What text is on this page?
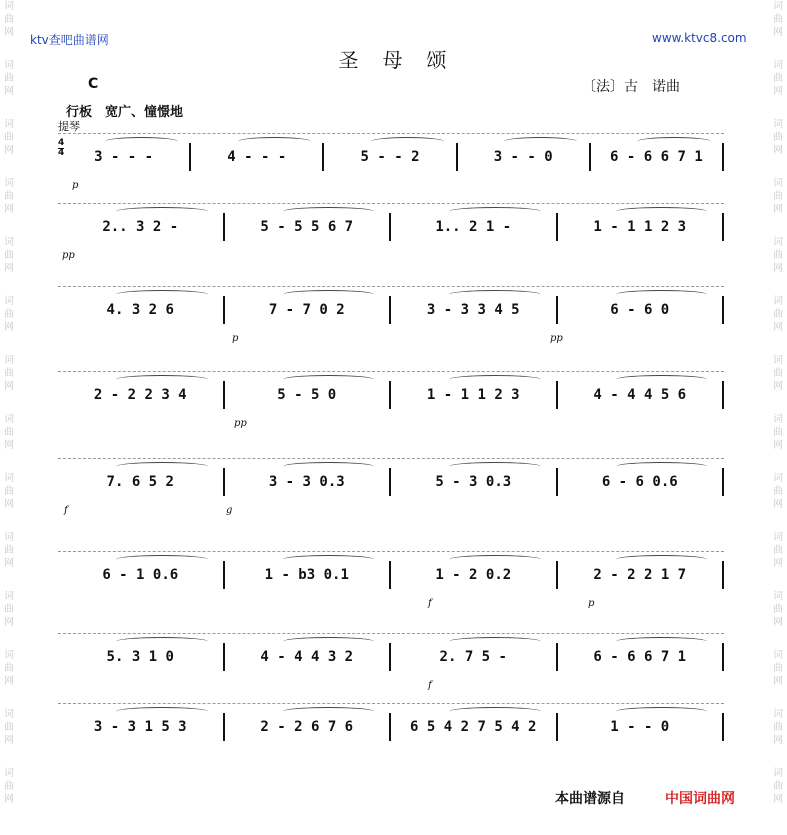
词
曲
网
词
曲
网
词
曲
网
词
曲
网
词
曲
网
词
曲
网
词
曲
网
词
曲
网
词
曲
网
词
曲
网
词
曲
网
词
曲
网
词
曲
网
词
曲
网
词
曲
网
词
曲
网
词
曲
网
词
曲
网
词
曲
网
词
曲
网
词
曲
网
词
曲
网
词
曲
网
词
曲
网
词
曲
网
词
曲
网
词
曲
网
词
曲
网
ktv查吧曲谱网	www.ktvc8.com
圣　母　颂
C	〔法〕古　诺曲
行板　宽广、憧憬地
提琴
4
4 3 - - -	4 - - -	5 - - 2	3 - - 0	6 - 6 6 7 1
p
2.. 3 2 -	5 - 5 5 6 7	1.. 2 1 -	1 - 1 1 2 3
pp
4. 3 2 6	7 - 7 0 2	3 - 3 3 4 5	6 - 6 0
p	pp
2 - 2 2 3 4	5 - 5 0	1 - 1 1 2 3	4 - 4 4 5 6
pp
7. 6 5 2	3 - 3 0.3	5 - 3 0.3	6 - 6 0.6
f	g
6 - 1 0.6	1 - b3 0.1	1 - 2 0.2	2 - 2 2 1 7
f	p
5. 3 1 0	4 - 4 4 3 2	2. 7 5 -	6 - 6 6 7 1
f
3 - 3 1 5 3	2 - 2 6 7 6	6 5 4 2 7 5 4 2	1 - - 0
本曲谱源自	中国词曲网
